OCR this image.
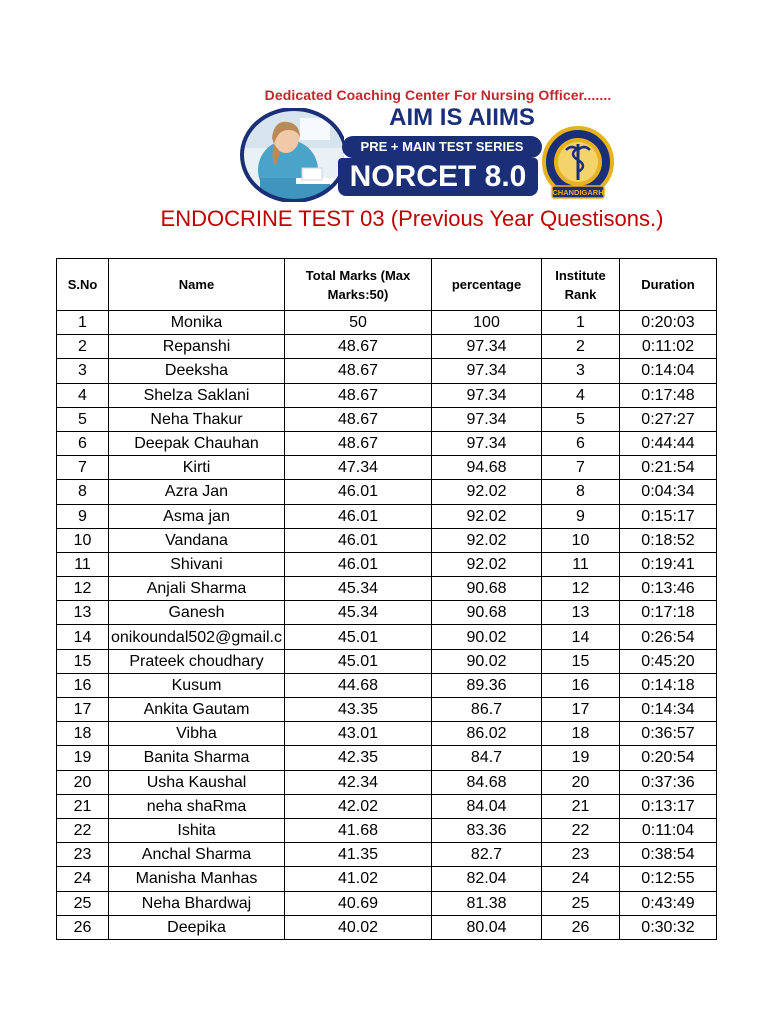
Dedicated Coaching Center For Nursing Officer.......
AIM IS AIIMS
PRE + MAIN TEST SERIES
NORCET 8.0	CHANDIGARH
ENDOCRINE TEST 03 (Previous Year Questisons.)
S.No	Name	Total Marks (Max Marks:50)	percentage	Institute Rank	Duration
1	Monika	50	100	1	0:20:03
2	Repanshi	48.67	97.34	2	0:11:02
3	Deeksha	48.67	97.34	3	0:14:04
4	Shelza Saklani	48.67	97.34	4	0:17:48
5	Neha Thakur	48.67	97.34	5	0:27:27
6	Deepak Chauhan	48.67	97.34	6	0:44:44
7	Kirti	47.34	94.68	7	0:21:54
8	Azra Jan	46.01	92.02	8	0:04:34
9	Asma jan	46.01	92.02	9	0:15:17
10	Vandana	46.01	92.02	10	0:18:52
11	Shivani	46.01	92.02	11	0:19:41
12	Anjali Sharma	45.34	90.68	12	0:13:46
13	Ganesh	45.34	90.68	13	0:17:18
14	onikoundal502@gmail.c	45.01	90.02	14	0:26:54
15	Prateek choudhary	45.01	90.02	15	0:45:20
16	Kusum	44.68	89.36	16	0:14:18
17	Ankita Gautam	43.35	86.7	17	0:14:34
18	Vibha	43.01	86.02	18	0:36:57
19	Banita Sharma	42.35	84.7	19	0:20:54
20	Usha Kaushal	42.34	84.68	20	0:37:36
21	neha shaRma	42.02	84.04	21	0:13:17
22	Ishita	41.68	83.36	22	0:11:04
23	Anchal Sharma	41.35	82.7	23	0:38:54
24	Manisha Manhas	41.02	82.04	24	0:12:55
25	Neha Bhardwaj	40.69	81.38	25	0:43:49
26	Deepika	40.02	80.04	26	0:30:32
